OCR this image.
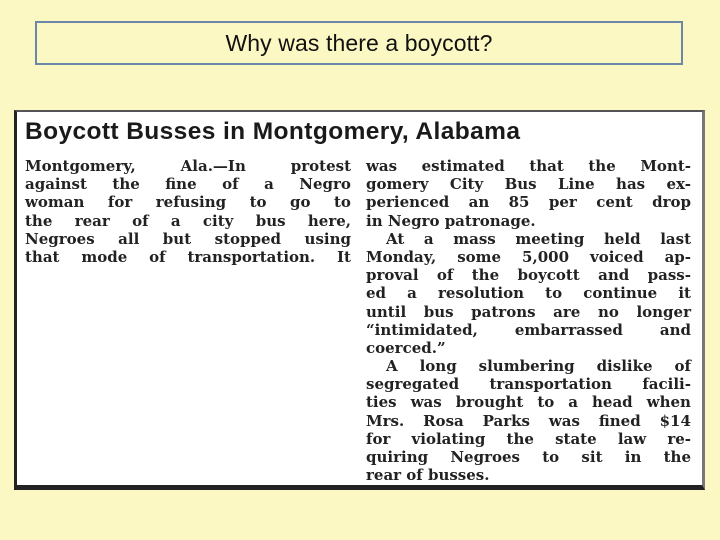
Why was there a boycott?
Boycott Busses in Montgomery, Alabama
Montgomery,	Ala.—In	protest
against the fine of a Negro
woman for refusing to go to
the rear of a city bus here,
Negroes all but stopped using
that mode of transportation. It
was estimated that the Mont-
gomery City Bus Line has ex-
perienced an 85 per cent drop
in Negro patronage.
At a mass meeting held last
Monday, some 5,000 voiced ap-
proval of the boycott and pass-
ed a resolution to continue it
until bus patrons are no longer
“intimidated, embarrassed and
coerced.”
A long slumbering dislike of
segregated transportation facili-
ties was brought to a head when
Mrs. Rosa Parks was fined $14
for violating the state law re-
quiring Negroes to sit in the
rear of busses.
